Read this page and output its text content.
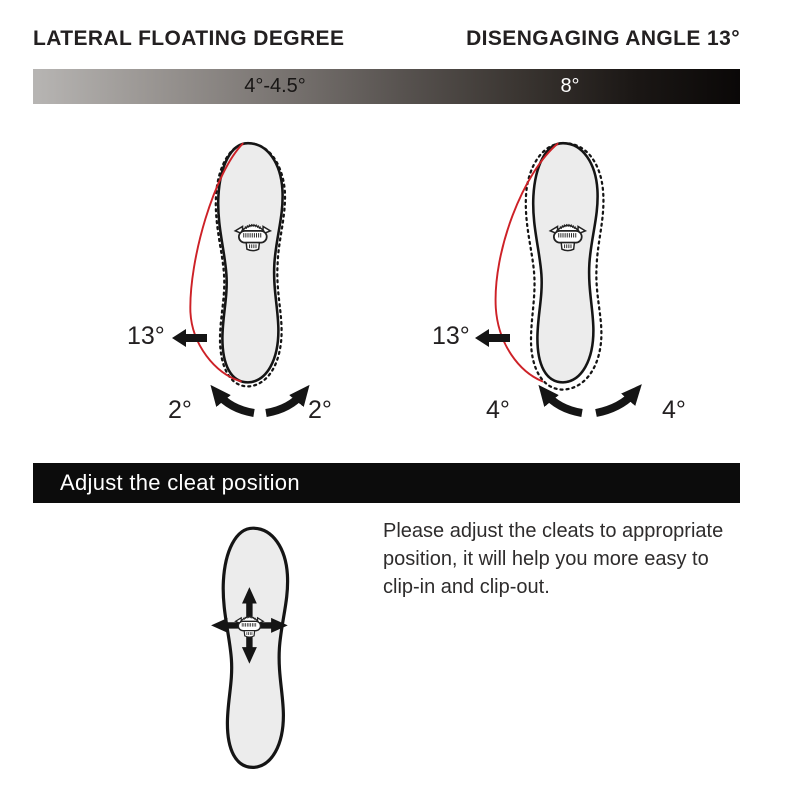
LATERAL FLOATING DEGREE	DISENGAGING ANGLE 13°
4°-4.5°	8°
13°
2°	2°
13°
4°	4°
Adjust the cleat position
Please adjust the cleats to appropriate
position, it will help you more easy to
clip-in and clip-out.
